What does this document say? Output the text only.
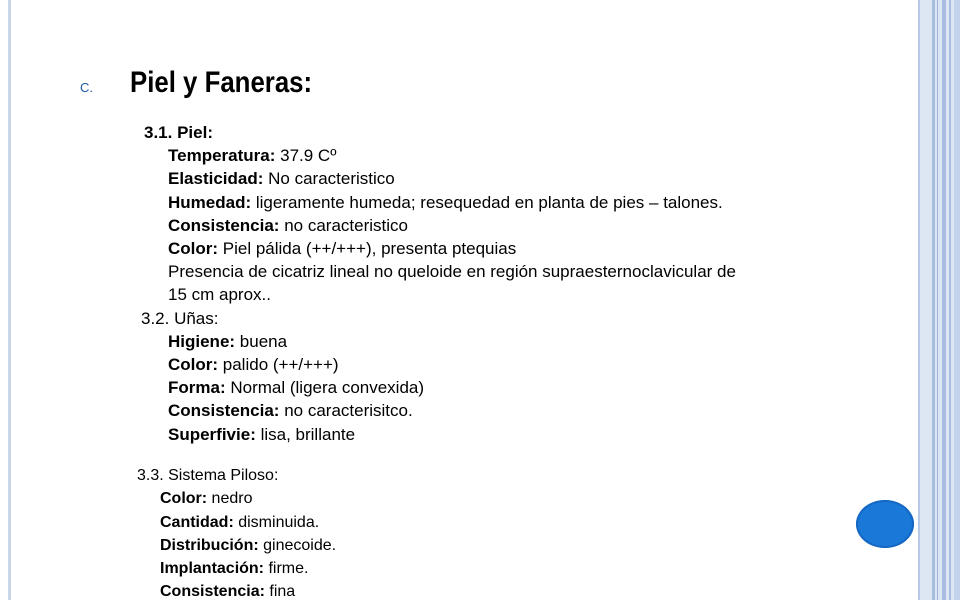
C. Piel y Faneras:
3.1. Piel:
Temperatura: 37.9 Cº
Elasticidad: No caracteristico
Humedad: ligeramente humeda; resequedad en planta de pies – talones.
Consistencia: no caracteristico
Color: Piel pálida (++/+++), presenta ptequias
Presencia de cicatriz lineal no queloide en región supraesternoclavicular de
15 cm aprox..
3.2. Uñas:
Higiene: buena
Color: palido (++/+++)
Forma: Normal (ligera convexida)
Consistencia: no caracterisitco.
Superfivie: lisa, brillante
3.3. Sistema Piloso:
Color: nedro
Cantidad: disminuida.
Distribución: ginecoide.
Implantación: firme.
Consistencia: fina
